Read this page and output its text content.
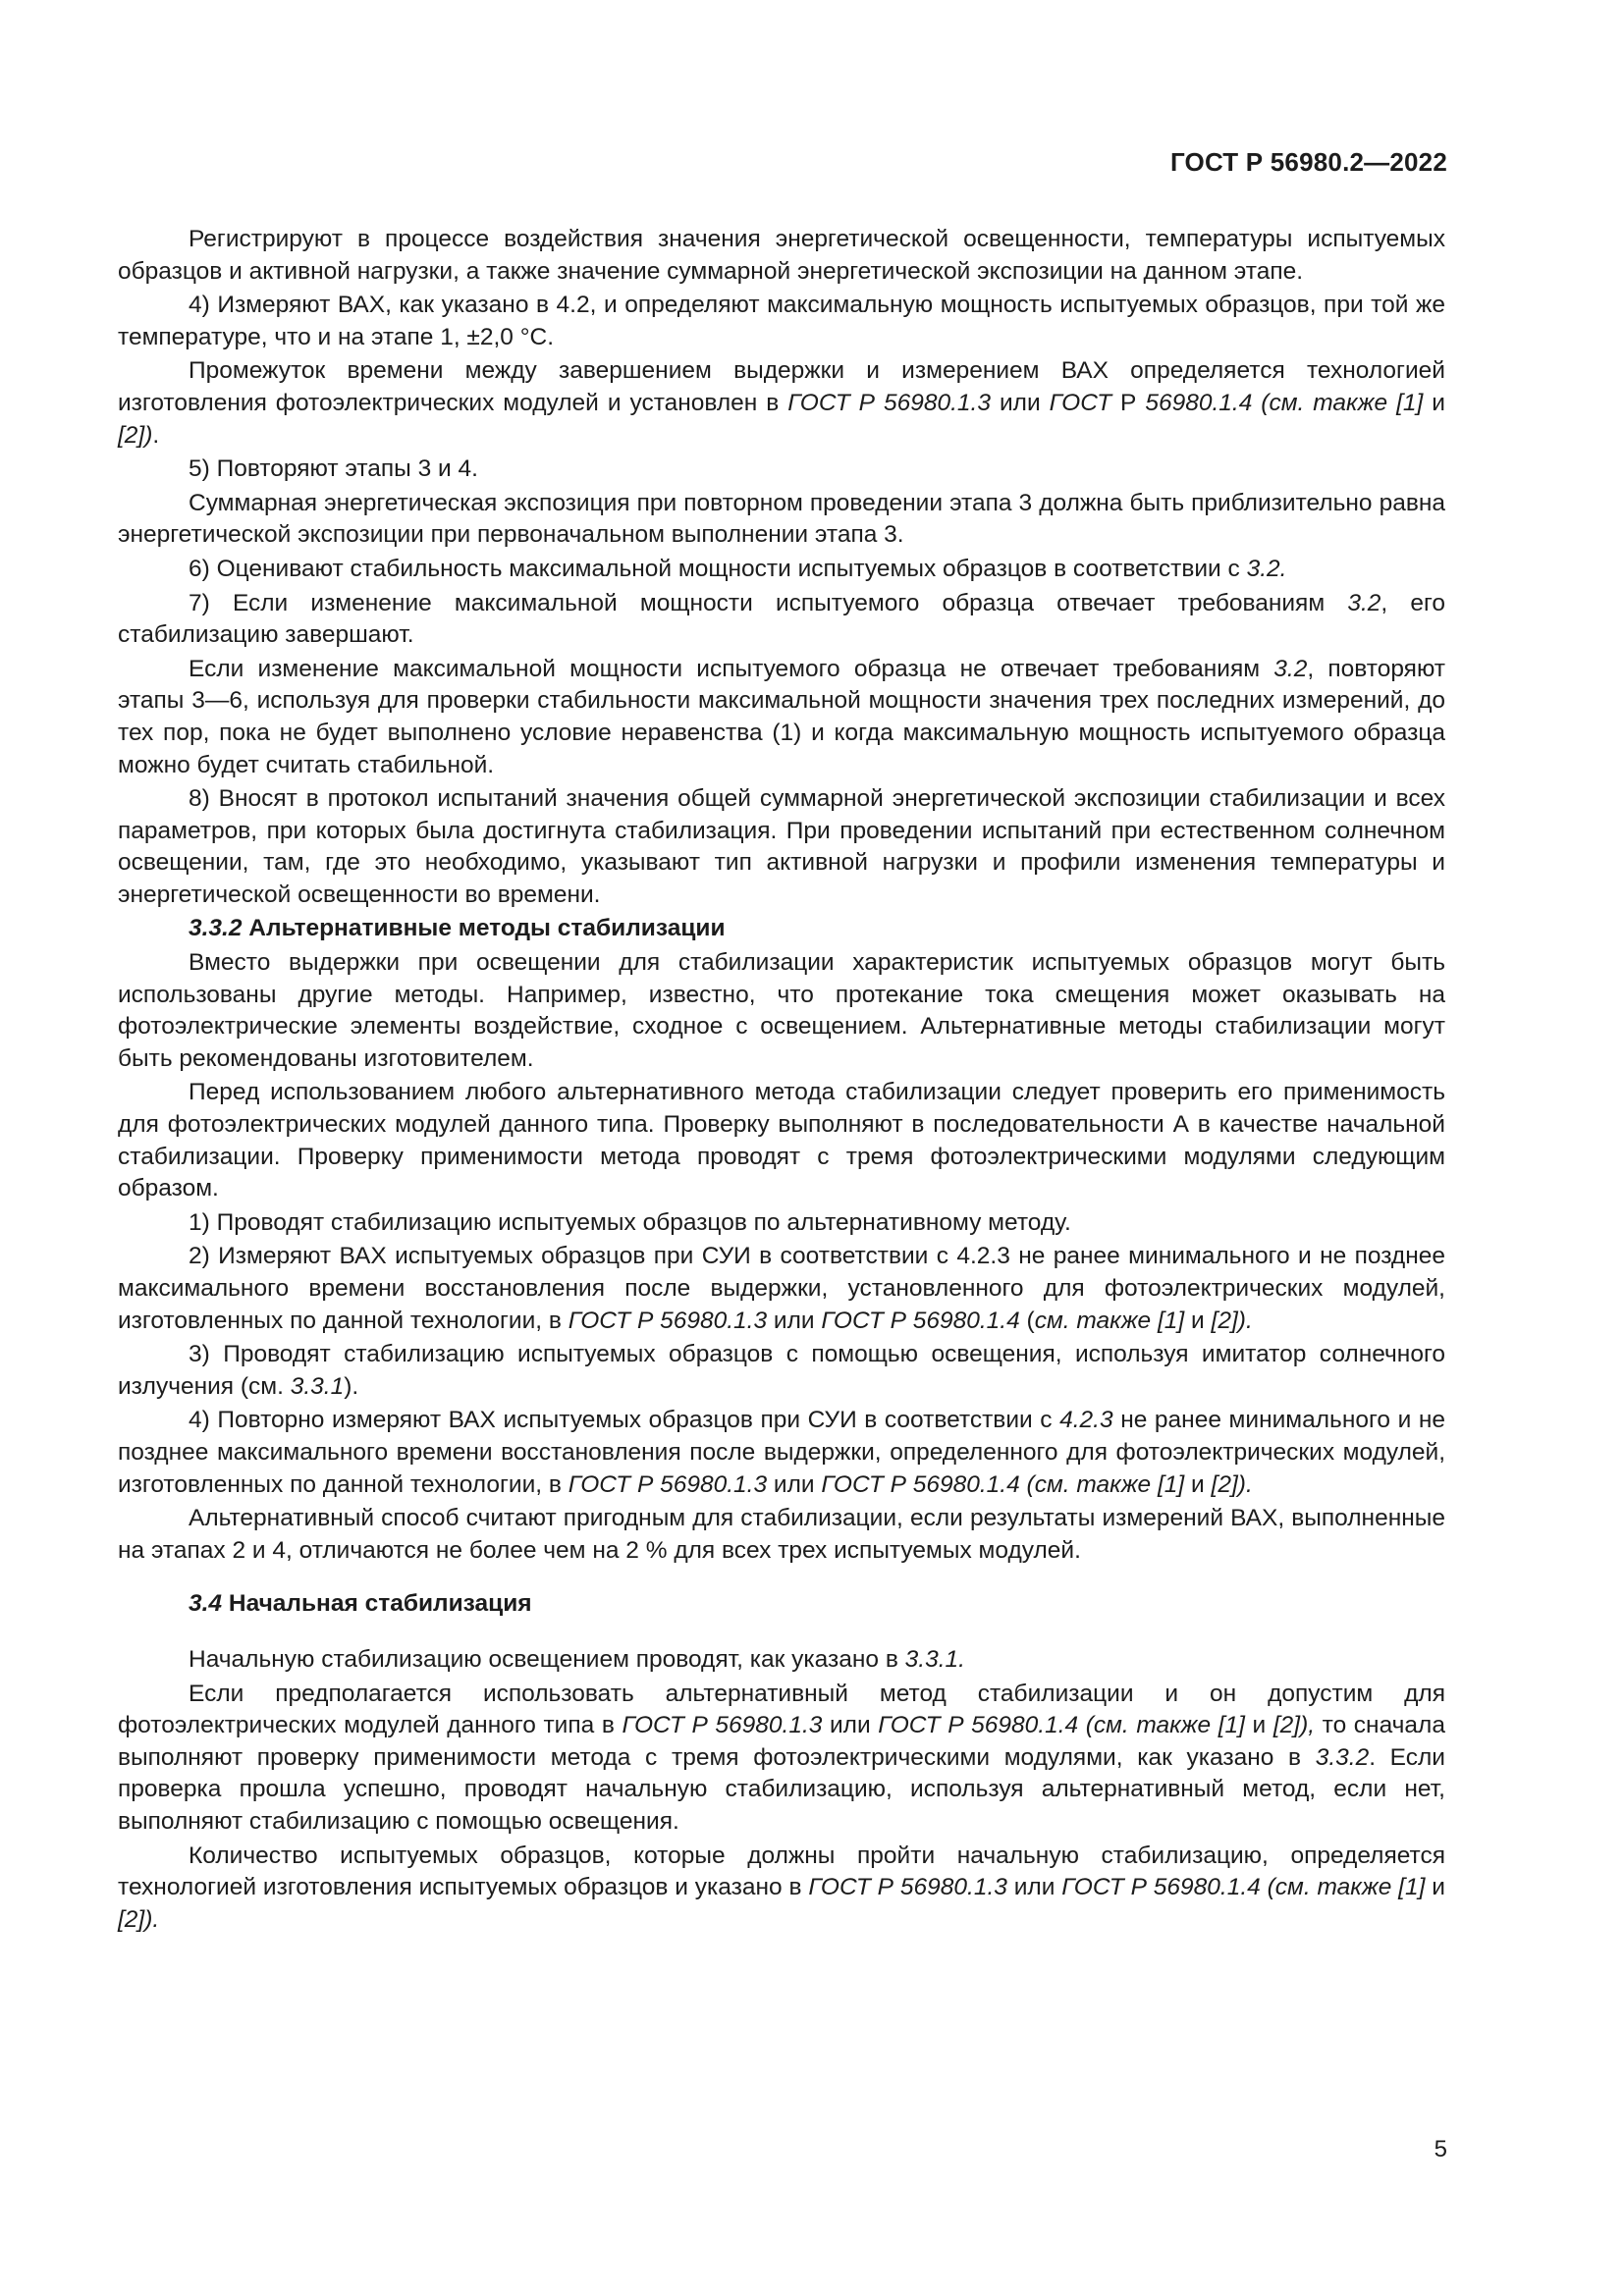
ГОСТ Р 56980.2—2022

Регистрируют в процессе воздействия значения энергетической освещенности, температуры испытуемых образцов и активной нагрузки, а также значение суммарной энергетической экспозиции на данном этапе.

4) Измеряют ВАХ, как указано в 4.2, и определяют максимальную мощность испытуемых образцов, при той же температуре, что и на этапе 1, ±2,0 °С.

Промежуток времени между завершением выдержки и измерением ВАХ определяется технологией изготовления фотоэлектрических модулей и установлен в ГОСТ Р 56980.1.3 или ГОСТ Р 56980.1.4 (см. также [1] и [2]).

5) Повторяют этапы 3 и 4.

Суммарная энергетическая экспозиция при повторном проведении этапа 3 должна быть приблизительно равна энергетической экспозиции при первоначальном выполнении этапа 3.

6) Оценивают стабильность максимальной мощности испытуемых образцов в соответствии с 3.2.

7) Если изменение максимальной мощности испытуемого образца отвечает требованиям 3.2, его стабилизацию завершают.

Если изменение максимальной мощности испытуемого образца не отвечает требованиям 3.2, повторяют этапы 3—6, используя для проверки стабильности максимальной мощности значения трех последних измерений, до тех пор, пока не будет выполнено условие неравенства (1) и когда максимальную мощность испытуемого образца можно будет считать стабильной.

8) Вносят в протокол испытаний значения общей суммарной энергетической экспозиции стабилизации и всех параметров, при которых была достигнута стабилизация. При проведении испытаний при естественном солнечном освещении, там, где это необходимо, указывают тип активной нагрузки и профили изменения температуры и энергетической освещенности во времени.

3.3.2 Альтернативные методы стабилизации

Вместо выдержки при освещении для стабилизации характеристик испытуемых образцов могут быть использованы другие методы. Например, известно, что протекание тока смещения может оказывать на фотоэлектрические элементы воздействие, сходное с освещением. Альтернативные методы стабилизации могут быть рекомендованы изготовителем.

Перед использованием любого альтернативного метода стабилизации следует проверить его применимость для фотоэлектрических модулей данного типа. Проверку выполняют в последовательности А в качестве начальной стабилизации. Проверку применимости метода проводят с тремя фотоэлектрическими модулями следующим образом.

1) Проводят стабилизацию испытуемых образцов по альтернативному методу.

2) Измеряют ВАХ испытуемых образцов при СУИ в соответствии с 4.2.3 не ранее минимального и не позднее максимального времени восстановления после выдержки, установленного для фотоэлектрических модулей, изготовленных по данной технологии, в ГОСТ Р 56980.1.3 или ГОСТ Р 56980.1.4 (см. также [1] и [2]).

3) Проводят стабилизацию испытуемых образцов с помощью освещения, используя имитатор солнечного излучения (см. 3.3.1).

4) Повторно измеряют ВАХ испытуемых образцов при СУИ в соответствии с 4.2.3 не ранее минимального и не позднее максимального времени восстановления после выдержки, определенного для фотоэлектрических модулей, изготовленных по данной технологии, в ГОСТ Р 56980.1.3 или ГОСТ Р 56980.1.4 (см. также [1] и [2]).

Альтернативный способ считают пригодным для стабилизации, если результаты измерений ВАХ, выполненные на этапах 2 и 4, отличаются не более чем на 2 % для всех трех испытуемых модулей.

3.4 Начальная стабилизация

Начальную стабилизацию освещением проводят, как указано в 3.3.1.

Если предполагается использовать альтернативный метод стабилизации и он допустим для фотоэлектрических модулей данного типа в ГОСТ Р 56980.1.3 или ГОСТ Р 56980.1.4 (см. также [1] и [2]), то сначала выполняют проверку применимости метода с тремя фотоэлектрическими модулями, как указано в 3.3.2. Если проверка прошла успешно, проводят начальную стабилизацию, используя альтернативный метод, если нет, выполняют стабилизацию с помощью освещения.

Количество испытуемых образцов, которые должны пройти начальную стабилизацию, определяется технологией изготовления испытуемых образцов и указано в ГОСТ Р 56980.1.3 или ГОСТ Р 56980.1.4 (см. также [1] и [2]).

5
